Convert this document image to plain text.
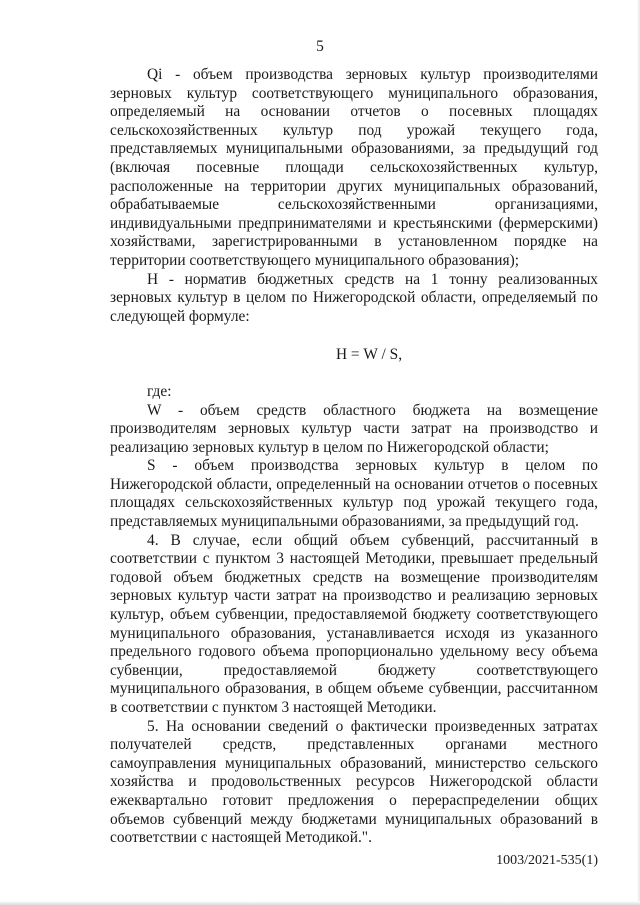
5

Qi - объем производства зерновых культур производителями зерновых культур соответствующего муниципального образования, определяемый на основании отчетов о посевных площадях сельскохозяйственных культур под урожай текущего года, представляемых муниципальными образованиями, за предыдущий год (включая посевные площади сельскохозяйственных культур, расположенные на территории других муниципальных образований, обрабатываемые сельскохозяйственными организациями, индивидуальными предпринимателями и крестьянскими (фермерскими) хозяйствами, зарегистрированными в установленном порядке на территории соответствующего муниципального образования);

Н - норматив бюджетных средств на 1 тонну реализованных зерновых культур в целом по Нижегородской области, определяемый по следующей формуле:

Н = W / S,

где:

W - объем средств областного бюджета на возмещение производителям зерновых культур части затрат на производство и реализацию зерновых культур в целом по Нижегородской области;

S - объем производства зерновых культур в целом по Нижегородской области, определенный на основании отчетов о посевных площадях сельскохозяйственных культур под урожай текущего года, представляемых муниципальными образованиями, за предыдущий год.

4. В случае, если общий объем субвенций, рассчитанный в соответствии с пунктом 3 настоящей Методики, превышает предельный годовой объем бюджетных средств на возмещение производителям зерновых культур части затрат на производство и реализацию зерновых культур, объем субвенции, предоставляемой бюджету соответствующего муниципального образования, устанавливается исходя из указанного предельного годового объема пропорционально удельному весу объема субвенции, предоставляемой бюджету соответствующего муниципального образования, в общем объеме субвенции, рассчитанном в соответствии с пунктом 3 настоящей Методики.

5. На основании сведений о фактически произведенных затратах получателей средств, представленных органами местного самоуправления муниципальных образований, министерство сельского хозяйства и продовольственных ресурсов Нижегородской области ежеквартально готовит предложения о перераспределении общих объемов субвенций между бюджетами муниципальных образований в соответствии с настоящей Методикой.".

1003/2021-535(1)
